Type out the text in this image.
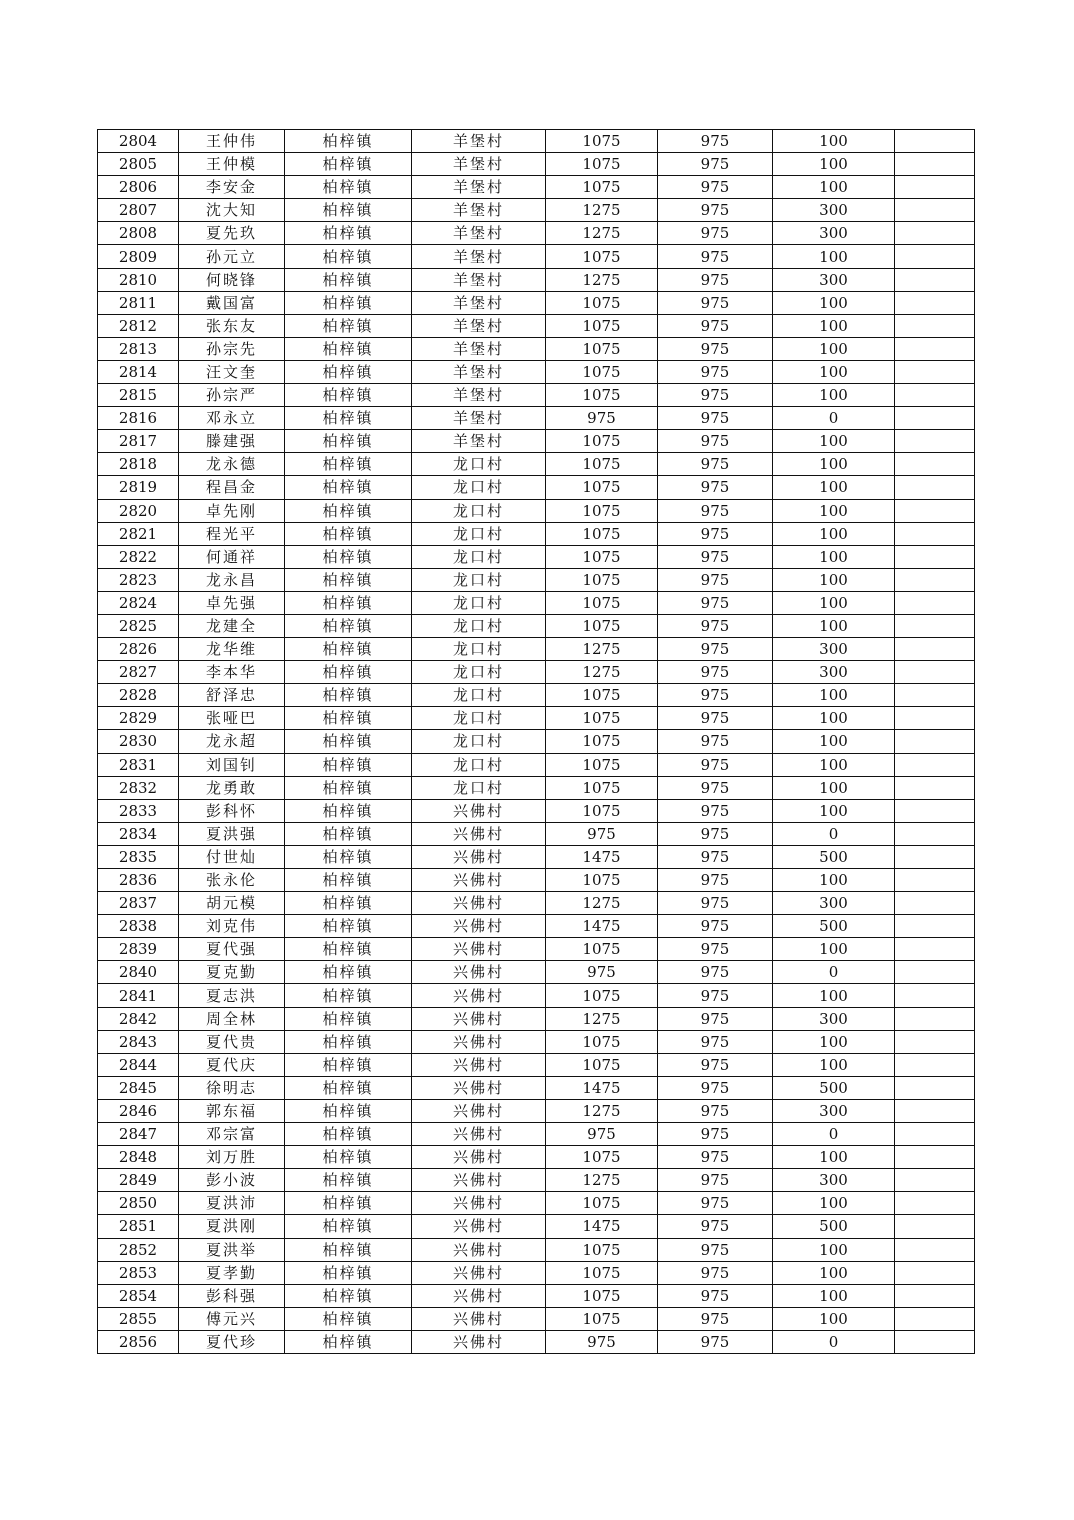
2804	王仲伟	柏梓镇	羊堡村	1075	975	100	
2805	王仲模	柏梓镇	羊堡村	1075	975	100	
2806	李安金	柏梓镇	羊堡村	1075	975	100	
2807	沈大知	柏梓镇	羊堡村	1275	975	300	
2808	夏先玖	柏梓镇	羊堡村	1275	975	300	
2809	孙元立	柏梓镇	羊堡村	1075	975	100	
2810	何晓锋	柏梓镇	羊堡村	1275	975	300	
2811	戴国富	柏梓镇	羊堡村	1075	975	100	
2812	张东友	柏梓镇	羊堡村	1075	975	100	
2813	孙宗先	柏梓镇	羊堡村	1075	975	100	
2814	汪文奎	柏梓镇	羊堡村	1075	975	100	
2815	孙宗严	柏梓镇	羊堡村	1075	975	100	
2816	邓永立	柏梓镇	羊堡村	975	975	0	
2817	滕建强	柏梓镇	羊堡村	1075	975	100	
2818	龙永德	柏梓镇	龙口村	1075	975	100	
2819	程昌金	柏梓镇	龙口村	1075	975	100	
2820	卓先刚	柏梓镇	龙口村	1075	975	100	
2821	程光平	柏梓镇	龙口村	1075	975	100	
2822	何通祥	柏梓镇	龙口村	1075	975	100	
2823	龙永昌	柏梓镇	龙口村	1075	975	100	
2824	卓先强	柏梓镇	龙口村	1075	975	100	
2825	龙建全	柏梓镇	龙口村	1075	975	100	
2826	龙华维	柏梓镇	龙口村	1275	975	300	
2827	李本华	柏梓镇	龙口村	1275	975	300	
2828	舒泽忠	柏梓镇	龙口村	1075	975	100	
2829	张哑巴	柏梓镇	龙口村	1075	975	100	
2830	龙永超	柏梓镇	龙口村	1075	975	100	
2831	刘国钊	柏梓镇	龙口村	1075	975	100	
2832	龙勇敢	柏梓镇	龙口村	1075	975	100	
2833	彭科怀	柏梓镇	兴佛村	1075	975	100	
2834	夏洪强	柏梓镇	兴佛村	975	975	0	
2835	付世灿	柏梓镇	兴佛村	1475	975	500	
2836	张永伦	柏梓镇	兴佛村	1075	975	100	
2837	胡元模	柏梓镇	兴佛村	1275	975	300	
2838	刘克伟	柏梓镇	兴佛村	1475	975	500	
2839	夏代强	柏梓镇	兴佛村	1075	975	100	
2840	夏克勤	柏梓镇	兴佛村	975	975	0	
2841	夏志洪	柏梓镇	兴佛村	1075	975	100	
2842	周全林	柏梓镇	兴佛村	1275	975	300	
2843	夏代贵	柏梓镇	兴佛村	1075	975	100	
2844	夏代庆	柏梓镇	兴佛村	1075	975	100	
2845	徐明志	柏梓镇	兴佛村	1475	975	500	
2846	郭东福	柏梓镇	兴佛村	1275	975	300	
2847	邓宗富	柏梓镇	兴佛村	975	975	0	
2848	刘万胜	柏梓镇	兴佛村	1075	975	100	
2849	彭小波	柏梓镇	兴佛村	1275	975	300	
2850	夏洪沛	柏梓镇	兴佛村	1075	975	100	
2851	夏洪刚	柏梓镇	兴佛村	1475	975	500	
2852	夏洪举	柏梓镇	兴佛村	1075	975	100	
2853	夏孝勤	柏梓镇	兴佛村	1075	975	100	
2854	彭科强	柏梓镇	兴佛村	1075	975	100	
2855	傅元兴	柏梓镇	兴佛村	1075	975	100	
2856	夏代珍	柏梓镇	兴佛村	975	975	0	
